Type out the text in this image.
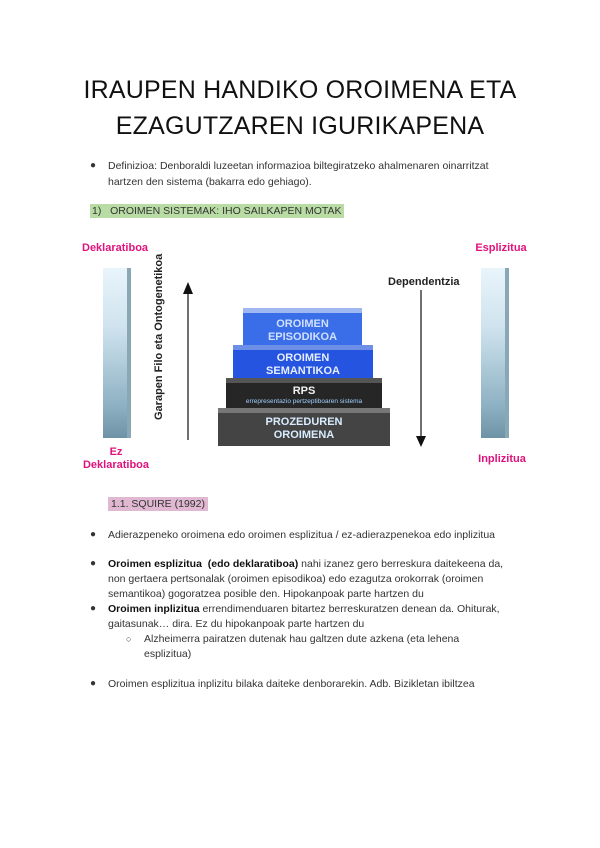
IRAUPEN HANDIKO OROIMENA ETA
EZAGUTZAREN IGURIKAPENA
● Definizioa: Denboraldi luzeetan informazioa biltegiratzeko ahalmenaren oinarritzat
hartzen den sistema (bakarra edo gehiago).
1)   OROIMEN SISTEMAK: IHO SAILKAPEN MOTAK
Deklaratiboa
Ez
Deklaratiboa
Garapen Filo eta Ontogenetikoa	Dependentzia
Esplizitua
Inplizitua
OROIMEN
EPISODIKOA
OROIMEN
SEMANTIKOA
RPS
errepresentazio pertzeptiboaren sistema
PROZEDUREN
OROIMENA
1.1. SQUIRE (1992)
● Adierazpeneko oroimena edo oroimen esplizitua / ez-adierazpenekoa edo inplizitua
● Oroimen esplizitua  (edo deklaratiboa) nahi izanez gero berreskura daitekeena da,
non gertaera pertsonalak (oroimen episodikoa) edo ezagutza orokorrak (oroimen
semantikoa) gogoratzea posible den. Hipokanpoak parte hartzen du
● Oroimen inplizitua errendimenduaren bitartez berreskuratzen denean da. Ohiturak,
gaitasunak… dira. Ez du hipokanpoak parte hartzen du
○ Alzheimerra pairatzen dutenak hau galtzen dute azkena (eta lehena
esplizitua)
● Oroimen esplizitua inplizitu bilaka daiteke denborarekin. Adb. Bizikletan ibiltzea
